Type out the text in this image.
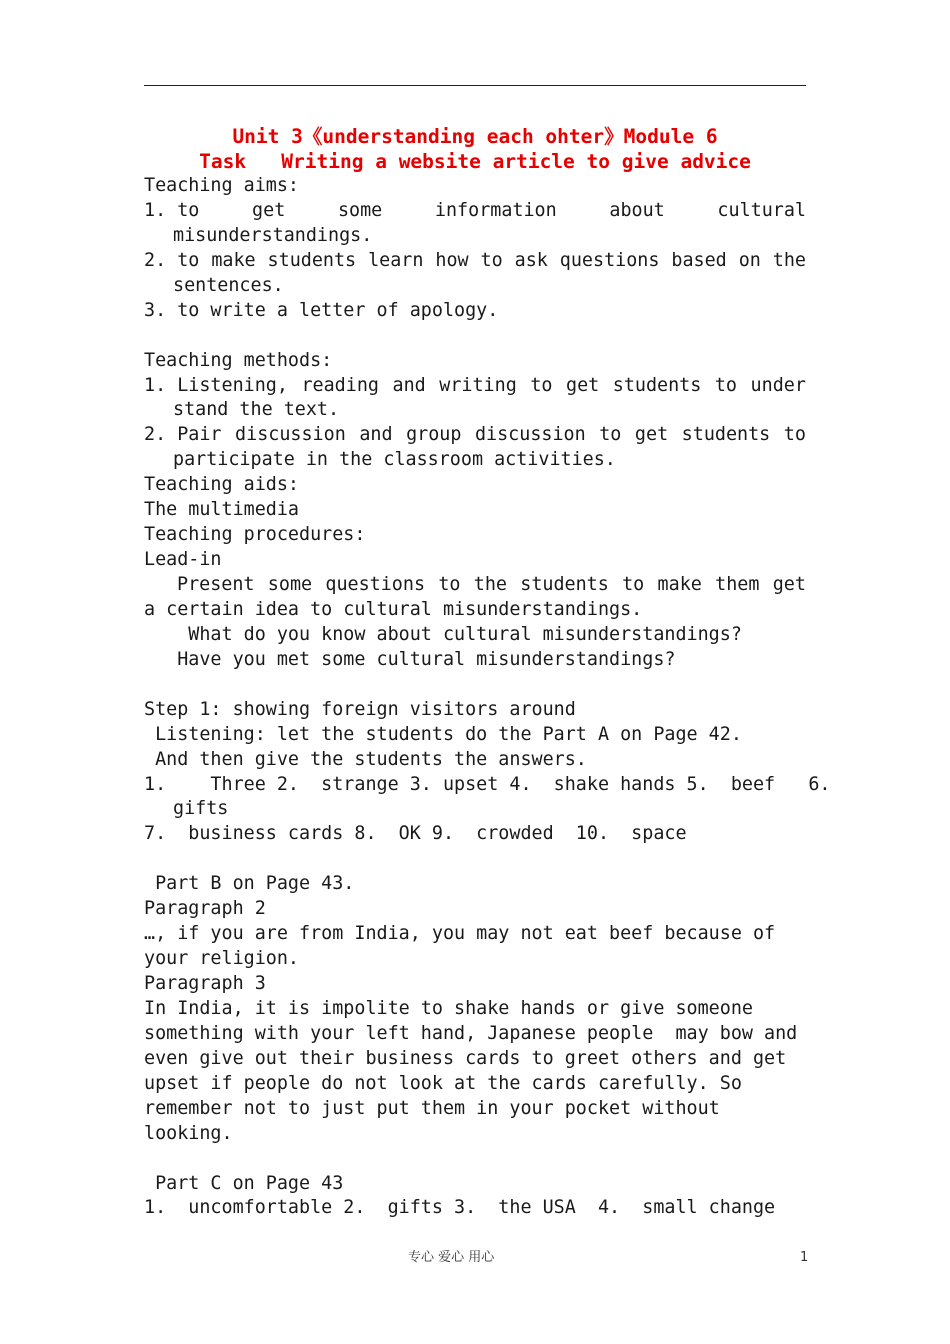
Unit 3《understanding each ohter》Module 6
Task   Writing a website article to give advice
Teaching aims:
1. to	get	some	information	about	cultural
misunderstandings.
2. to make students learn how to ask questions based on the
sentences.
3. to write a letter of apology.
Teaching methods:
1. Listening, reading and writing to get students to under
stand the text.
2. Pair discussion and group discussion to get students to
participate in the classroom activities.
Teaching aids:
The multimedia
Teaching procedures:
Lead-in
Present some questions to the students to make them get
a certain idea to cultural misunderstandings.
What do you know about cultural misunderstandings?
Have you met some cultural misunderstandings?
Step 1: showing foreign visitors around
Listening: let the students do the Part A on Page 42.
And then give the students the answers.
1.    Three 2.  strange 3. upset 4.  shake hands 5.  beef   6.
gifts
7.  business cards 8.  OK 9.  crowded  10.  space
Part B on Page 43.
Paragraph 2
…, if you are from India, you may not eat beef because of
your religion.
Paragraph 3
In India, it is impolite to shake hands or give someone
something with your left hand, Japanese people  may bow and
even give out their business cards to greet others and get
upset if people do not look at the cards carefully. So
remember not to just put them in your pocket without
looking.
Part C on Page 43
1.  uncomfortable 2.  gifts 3.  the USA  4.  small change
专心 爱心 用心	1
